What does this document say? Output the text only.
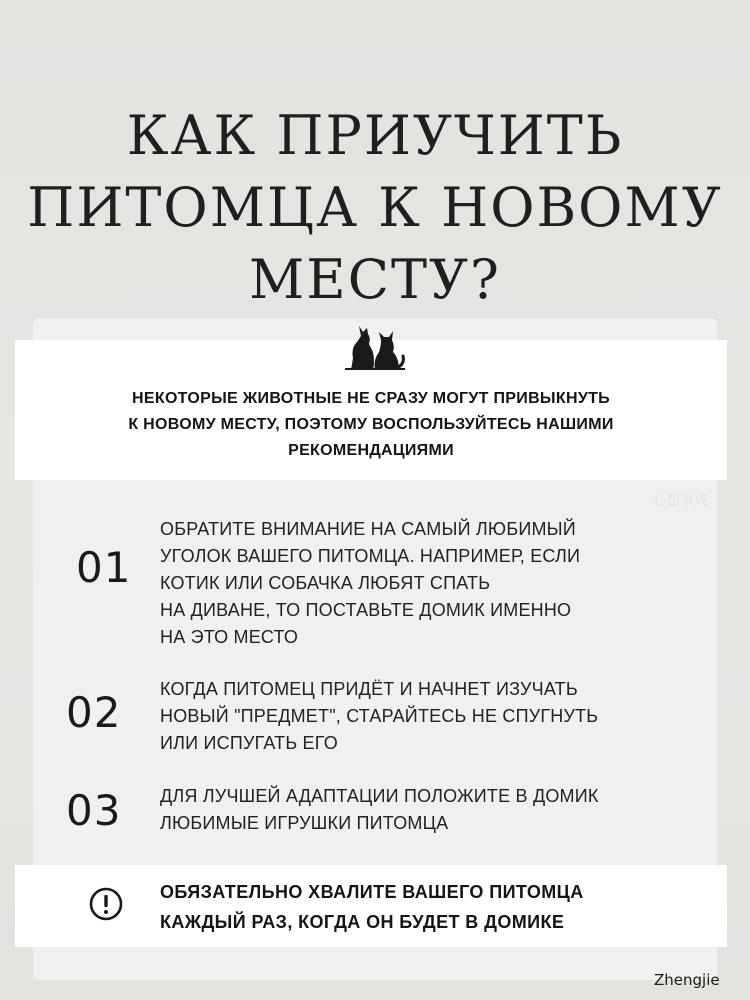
КАК ПРИУЧИТЬ
ПИТОМЦА К НОВОМУ
МЕСТУ?
НЕКОТОРЫЕ ЖИВОТНЫЕ НЕ СРАЗУ МОГУТ ПРИВЫКНУТЬ
К НОВОМУ МЕСТУ, ПОЭТОМУ ВОСПОЛЬЗУЙТЕСЬ НАШИМИ
РЕКОМЕНДАЦИЯМИ
心想事成
01
ОБРАТИТЕ ВНИМАНИЕ НА САМЫЙ ЛЮБИМЫЙ
УГОЛОК ВАШЕГО ПИТОМЦА. НАПРИМЕР, ЕСЛИ
КОТИК ИЛИ СОБАЧКА ЛЮБЯТ СПАТЬ
НА ДИВАНЕ, ТО ПОСТАВЬТЕ ДОМИК ИМЕННО
НА ЭТО МЕСТО
02 КОГДА ПИТОМЕЦ ПРИДЁТ И НАЧНЕТ ИЗУЧАТЬ
НОВЫЙ "ПРЕДМЕТ", СТАРАЙТЕСЬ НЕ СПУГНУТЬ
ИЛИ ИСПУГАТЬ ЕГО
03 ДЛЯ ЛУЧШЕЙ АДАПТАЦИИ ПОЛОЖИТЕ В ДОМИК
ЛЮБИМЫЕ ИГРУШКИ ПИТОМЦА
ОБЯЗАТЕЛЬНО ХВАЛИТЕ ВАШЕГО ПИТОМЦА
КАЖДЫЙ РАЗ, КОГДА ОН БУДЕТ В ДОМИКЕ
Zhengjie
